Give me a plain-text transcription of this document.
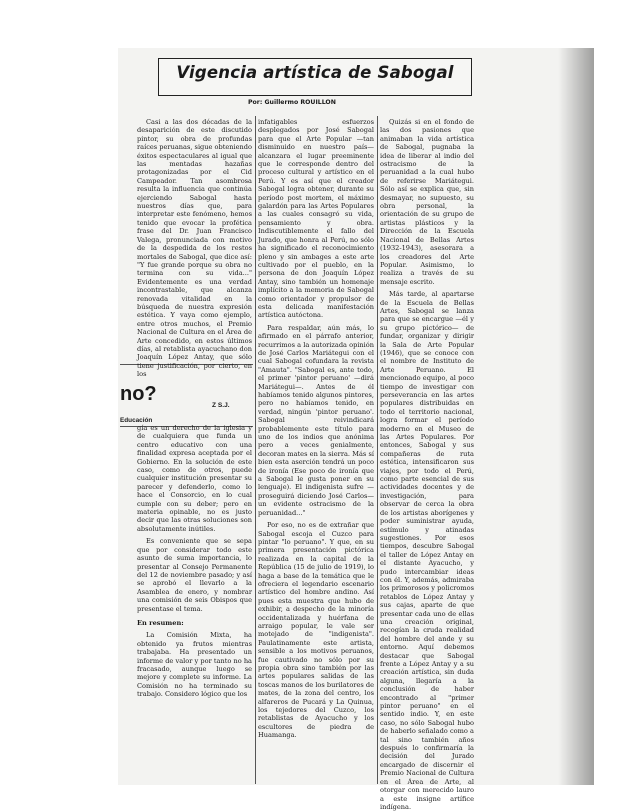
Vigencia artística de Sabogal
Por: Guillermo ROUILLON

Casi a las dos décadas de la desaparición de este discutido pintor, su obra de profundas raíces peruanas, sigue obteniendo éxitos espectaculares al igual que las mentadas hazañas protagonizadas por el Cid Campeador. Tan asombrosa resulta la influencia que continúa ejerciendo Sabogal hasta nuestros días que, para interpretar este fenómeno, hemos tenido que evocar la profética frase del Dr. Juan Francisco Valega, pronunciada con motivo de la despedida de los restos mortales de Sabogal, que dice así: "Y fue grande porque su obra no termina con su vida..." Evidentemente es una verdad incontrastable, que alcanza renovada vitalidad en la búsqueda de nuestra expresión estética. Y vaya como ejemplo, entre otros muchos, el Premio Nacional de Cultura en el Área de Arte concedido, en estos últimos días, al retablista ayacuchano don Joaquín López Antay, que sólo tiene justificación, por cierto, en los

no?
Z S.J.
Educación

gía es un derecho de la iglesia y de cualquiera que funda un centro educativo con una finalidad expresa aceptada por el Gobierno. En la solución de este caso, como de otros, puede cualquier institución presentar su parecer y defenderlo, como lo hace el Consorcio, en lo cual cumple con su deber; pero en materia opinable, no es justo decir que las otras soluciones son absolutamente inútiles.

Es conveniente que se sepa que por considerar todo este asunto de suma importancia, lo presentar al Consejo Permanente del 12 de noviembre pasado; y así se aprobó el llevarlo a la Asamblea de enero, y nombrar una comisión de seis Obispos que presentase el tema.

En resumen:

La Comisión Mixta, ha obtenido ya frutos mientras trabajaba. Ha presentado un informe de valor y por tanto no ha fracasado, aunque luego se mejore y complete su informe. La Comisión no ha terminado su trabajo. Considero lógico que los

infatigables esfuerzos desplegados por José Sabogal para que el Arte Popular —tan disminuido en nuestro país— alcanzara el lugar preeminente que le corresponde dentro del proceso cultural y artístico en el Perú. Y es así que el creador Sabogal logra obtener, durante su período post mortem, el máximo galardón para las Artes Populares a las cuales consagró su vida, pensamiento y obra. Indiscutiblemente el fallo del Jurado, que honra al Perú, no sólo ha significado el reconocimiento pleno y sin ambages a este arte cultivado por el pueblo, en la persona de don Joaquín López Antay, sino también un homenaje implícito a la memoria de Sabogal como orientador y propulsor de esta delicada manifestación artística autóctona.

Para respaldar, aún más, lo afirmado en el párrafo anterior, recurrimos a la autorizada opinión de José Carlos Mariátegui con el cual Sabogal cofundara la revista "Amauta". "Sabogal es, ante todo, el primer 'pintor peruano' —dirá Mariátegui—. Antes de él habíamos tenido algunos pintores, pero no habíamos tenido, en verdad, ningún 'pintor peruano'. Sabogal reivindicará probablemente este título para uno de los indios que anónima pero a veces genialmente, decoran mates en la sierra. Más sí bien esta aserción tendrá un poco de ironía (Ese poco de ironía que a Sabogal le gusta poner en su lenguaje). El indigenista sufre —proseguirá diciendo José Carlos— un evidente ostracismo de la peruanidad..."

Por eso, no es de extrañar que Sabogal escoja el Cuzco para pintar "lo peruano". Y que, en su primera presentación pictórica realizada en la capital de la República (15 de julio de 1919), lo haga a base de la temática que le ofreciera el legendario escenario artístico del hombre andino. Así pues esta muestra que hubo de exhibir, a despecho de la minoría occidentalizada y huérfana de arraigo popular, le vale ser motejado de "indigenista". Paulatinamente este artista, sensible a los motivos peruanos, fue cautivado no sólo por su propia obra sino también por las artes populares salidas de las toscas manos de los burilatores de mates, de la zona del centro, los alfareros de Pucará y La Quinua, los tejedores del Cuzco, los retablistas de Ayacucho y los escultores de piedra de Huamanga.

Quizás si en el fondo de las dos pasiones que animaban la vida artística de Sabogal, pugnaba la idea de liberar al indio del ostracismo de la peruanidad a la cual hubo de referirse Mariátegui. Sólo así se explica que, sin desmayar, no supuesto, su obra personal, la orientación de su grupo de artistas plásticos y la Dirección de la Escuela Nacional de Bellas Artes (1932-1943), asesorara a los creadores del Arte Popular. Asimismo, lo realiza a través de su mensaje escrito.

Más tarde, al apartarse de la Escuela de Bellas Artes, Sabogal se lanza para que se encargue —él y su grupo pictórico— de fundar, organizar y dirigir la Sala de Arte Popular (1946), que se conoce con el nombre de Instituto de Arte Peruano. El mencionado equipo, al poco tiempo de investigar con perseverancia en las artes populares distribuidas en todo el territorio nacional, logra formar el período moderno en el Museo de las Artes Populares. Por entonces, Sabogal y sus compañeras de ruta estética, intensificaron sus viajes, por todo el Perú, como parte esencial de sus actividades docentes y de investigación, para observar de cerca la obra de los artistas aborígenes y poder suministrar ayuda, estímulo y atinadas sugestiones. Por esos tiempos, descubre Sabogal el taller de López Antay en el distante Ayacucho, y pudo intercambiar ideas con él. Y, además, admiraba los primorosos y policromos retablos de López Antay y sus cajas, aparte de que presentar cada uno de ellas una creación original, recogían la cruda realidad del hombre del ande y su entorno. Aquí debemos destacar que Sabogal frente a López Antay y a su creación artística, sin duda alguna, llegaría a la conclusión de haber encontrado al "primer pintor peruano" en el sentido indio. Y, en este caso, no sólo Sabogal hubo de haberlo señalado como a tal sino también años después lo confirmaría la decisión del Jurado encargado de discernir el Premio Nacional de Cultura en el Área de Arte, al otorgar con merecido lauro a este insigne artífice indígena.
